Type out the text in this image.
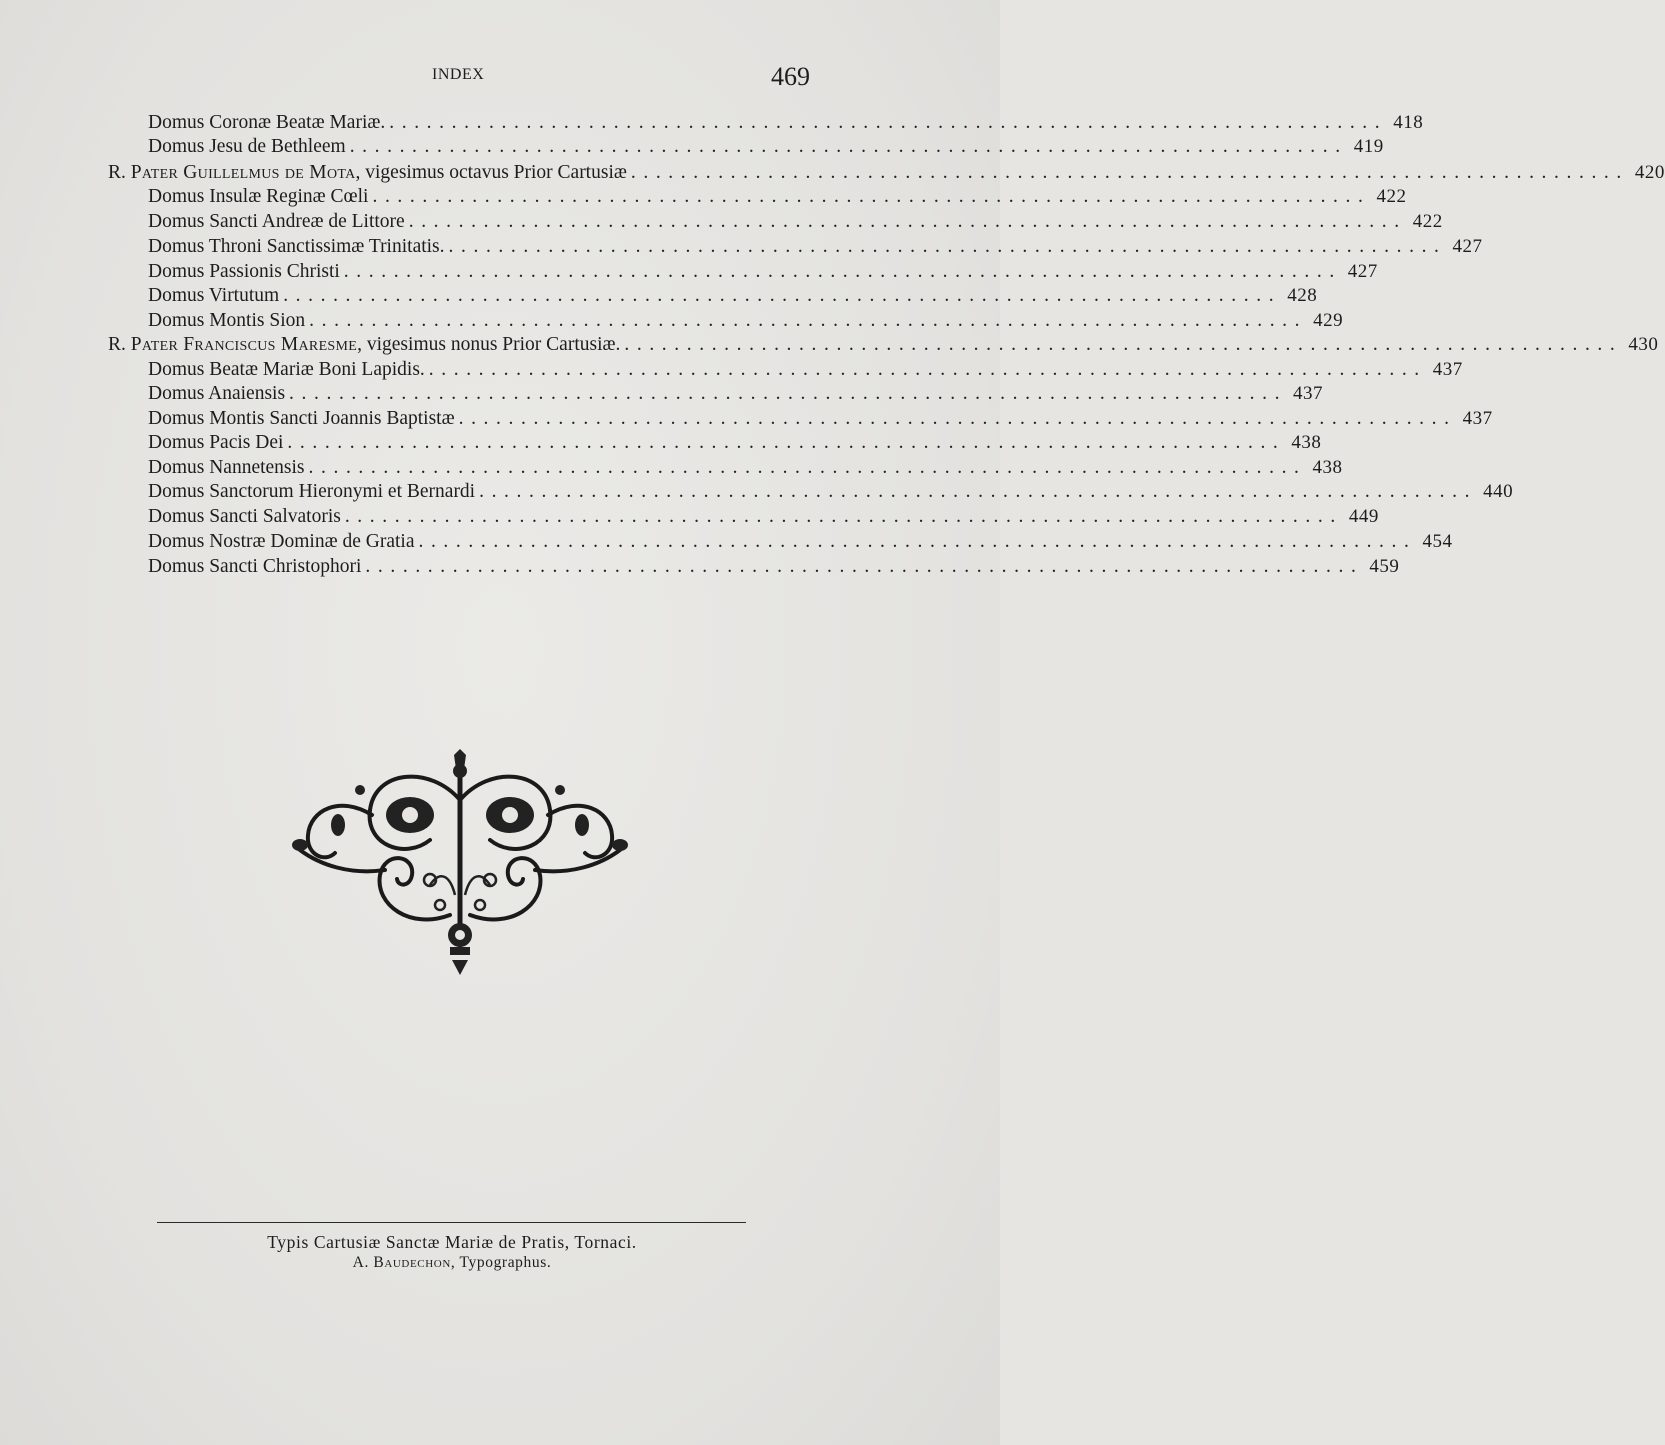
INDEX	469
Domus Coronæ Beatæ Mariæ. ................................................................................ 418
Domus Jesu de Bethleem ................................................................................ 419
R. Pater Guillelmus de Mota, vigesimus octavus Prior Cartusiæ ................................................................................ 420
Domus Insulæ Reginæ Cœli ................................................................................ 422
Domus Sancti Andreæ de Littore ................................................................................ 422
Domus Throni Sanctissimæ Trinitatis. ................................................................................ 427
Domus Passionis Christi ................................................................................ 427
Domus Virtutum ................................................................................ 428
Domus Montis Sion ................................................................................ 429
R. Pater Franciscus Maresme, vigesimus nonus Prior Cartusiæ. ................................................................................ 430
Domus Beatæ Mariæ Boni Lapidis. ................................................................................ 437
Domus Anaiensis ................................................................................ 437
Domus Montis Sancti Joannis Baptistæ ................................................................................ 437
Domus Pacis Dei ................................................................................ 438
Domus Nannetensis ................................................................................ 438
Domus Sanctorum Hieronymi et Bernardi ................................................................................ 440
Domus Sancti Salvatoris ................................................................................ 449
Domus Nostræ Dominæ de Gratia ................................................................................ 454
Domus Sancti Christophori ................................................................................ 459
Typis Cartusiæ Sanctæ Mariæ de Pratis, Tornaci.
A. Baudechon, Typographus.
